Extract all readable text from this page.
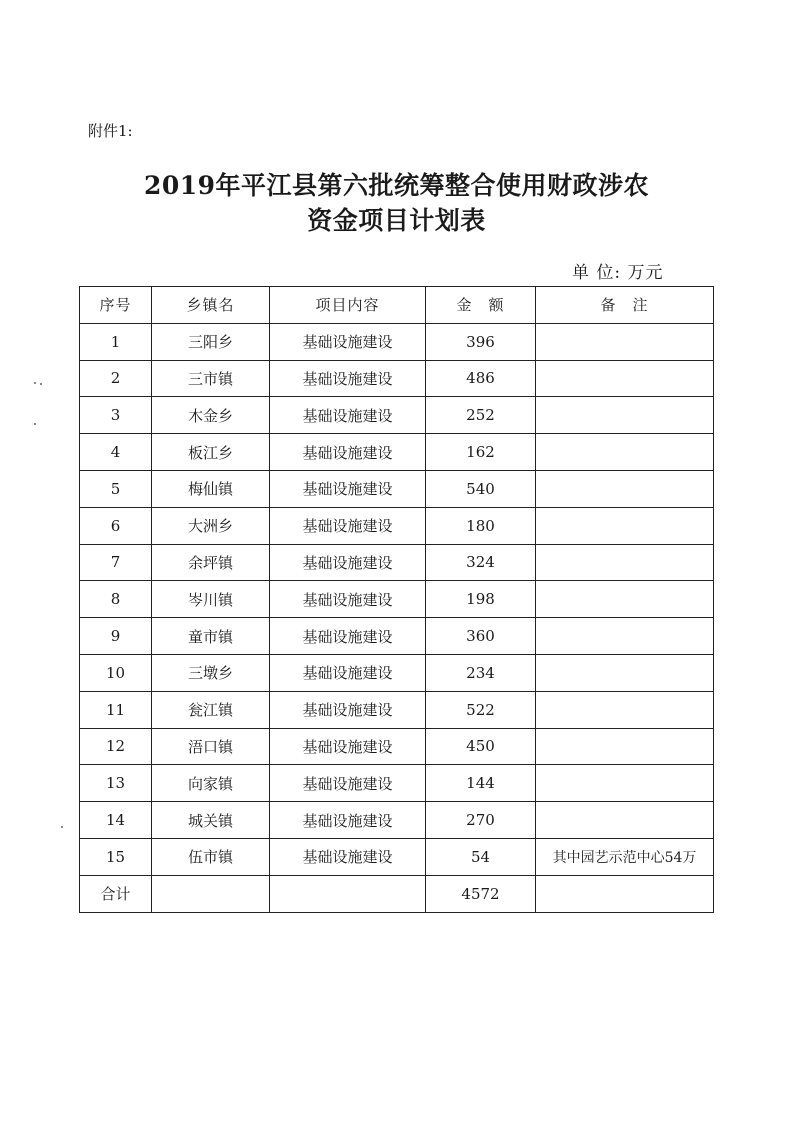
附件1:
2019年平江县第六批统筹整合使用财政涉农
资金项目计划表
单 位: 万元
序号	乡镇名	项目内容	金　额	备　注
1	三阳乡	基础设施建设	396	
2	三市镇	基础设施建设	486	
3	木金乡	基础设施建设	252	
4	板江乡	基础设施建设	162	
5	梅仙镇	基础设施建设	540	
6	大洲乡	基础设施建设	180	
7	余坪镇	基础设施建设	324	
8	岑川镇	基础设施建设	198	
9	童市镇	基础设施建设	360	
10	三墩乡	基础设施建设	234	
11	瓮江镇	基础设施建设	522	
12	浯口镇	基础设施建设	450	
13	向家镇	基础设施建设	144	
14	城关镇	基础设施建设	270	
15	伍市镇	基础设施建设	54	其中园艺示范中心54万
合计			4572	
